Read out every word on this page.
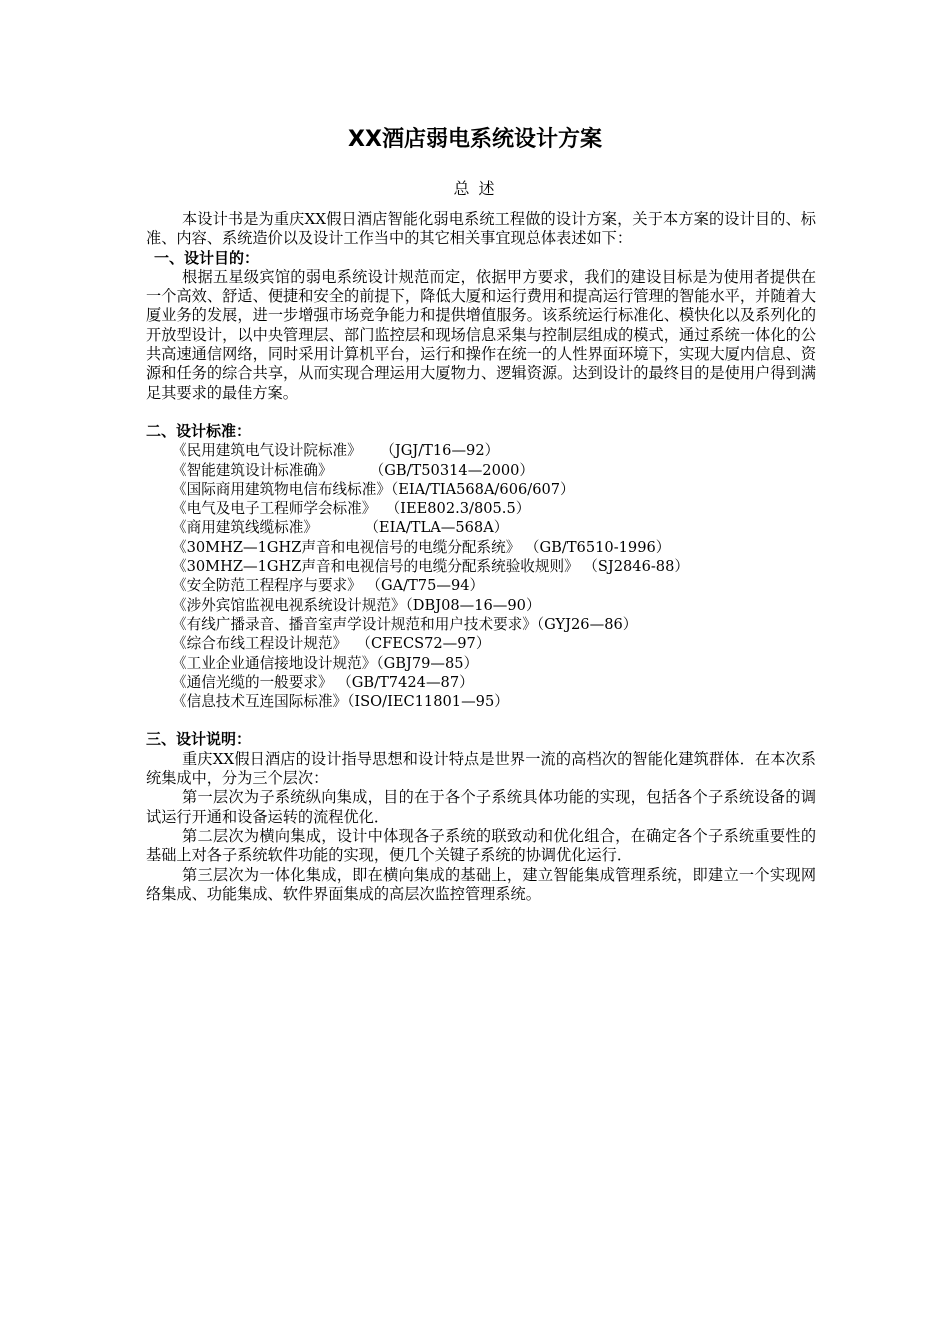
XX酒店弱电系统设计方案
总 述

本设计书是为重庆XX假日酒店智能化弱电系统工程做的设计方案，关于本方案的设计目的、标准、内容、系统造价以及设计工作当中的其它相关事宜现总体表述如下：

一、设计目的：

根据五星级宾馆的弱电系统设计规范而定，依据甲方要求，我们的建设目标是为使用者提供在一个高效、舒适、便捷和安全的前提下，降低大厦和运行费用和提高运行管理的智能水平，并随着大厦业务的发展，进一步增强市场竞争能力和提供增值服务。该系统运行标准化、模快化以及系列化的开放型设计，以中央管理层、部门监控层和现场信息采集与控制层组成的模式，通过系统一体化的公共高速通信网络，同时采用计算机平台，运行和操作在统一的人性界面环境下，实现大厦内信息、资源和任务的综合共享，从而实现合理运用大厦物力、逻辑资源。达到设计的最终目的是使用户得到满足其要求的最佳方案。

二、设计标准：

《民用建筑电气设计院标准》    （JGJ/T16—92）

《智能建筑设计标准确》        （GB/T50314—2000）

《国际商用建筑物电信布线标准》（EIA/TIA568A/606/607）

《电气及电子工程师学会标准》  （IEE802.3/805.5）

《商用建筑线缆标准》          （EIA/TLA—568A）

《30MHZ—1GHZ声音和电视信号的电缆分配系统》 （GB/T6510-1996）

《30MHZ—1GHZ声音和电视信号的电缆分配系统验收规则》 （SJ2846-88）

《安全防范工程程序与要求》 （GA/T75—94）

《涉外宾馆监视电视系统设计规范》（DBJ08—16—90）

《有线广播录音、播音室声学设计规范和用户技术要求》（GYJ26—86）

《综合布线工程设计规范》  （CFECS72—97）

《工业企业通信接地设计规范》（GBJ79—85）

《通信光缆的一般要求》 （GB/T7424—87）

《信息技术互连国际标准》（ISO/IEC11801—95）

三、设计说明：

重庆XX假日酒店的设计指导思想和设计特点是世界一流的高档次的智能化建筑群体．在本次系统集成中，分为三个层次：

第一层次为子系统纵向集成，目的在于各个子系统具体功能的实现，包括各个子系统设备的调试运行开通和设备运转的流程优化．

第二层次为横向集成，设计中体现各子系统的联致动和优化组合，在确定各个子系统重要性的基础上对各子系统软件功能的实现，便几个关键子系统的协调优化运行．

第三层次为一体化集成，即在横向集成的基础上，建立智能集成管理系统，即建立一个实现网络集成、功能集成、软件界面集成的高层次监控管理系统。
